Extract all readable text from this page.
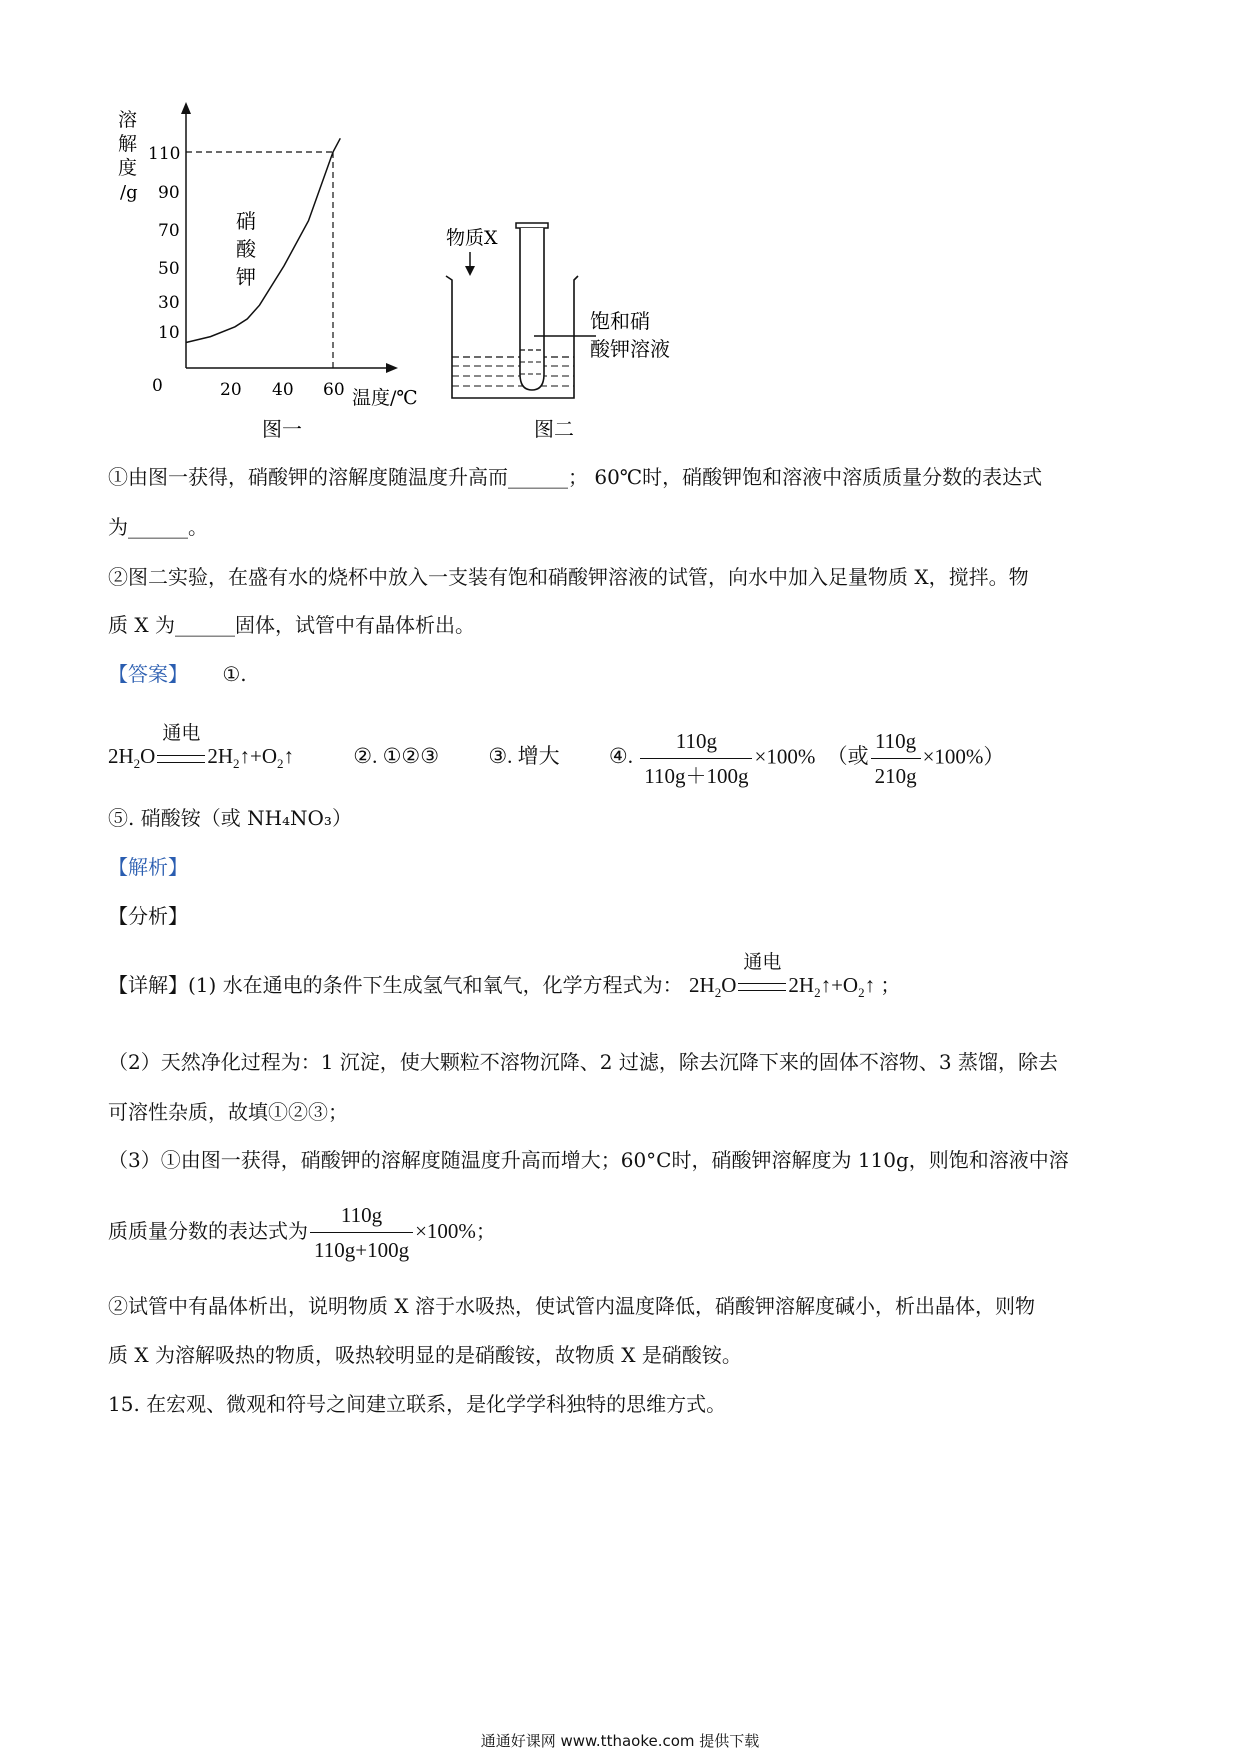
溶
解
度
/g
110
90
70
50
30
10
0	20 40 60 温度/℃
硝
酸
钾
图一
物质X
饱和硝
酸钾溶液
图二
①由图一获得，硝酸钾的溶解度随温度升高而______； 60℃时，硝酸钾饱和溶液中溶质质量分数的表达式
为______。
②图二实验，在盛有水的烧杯中放入一支装有饱和硝酸钾溶液的试管，向水中加入足量物质 X，搅拌。物
质 X 为______固体，试管中有晶体析出。
【答案】 ①.
$2H_2O$
通电
$2H_2↑+O_2↑$	②. ①②③ ③. 增大 ④. $\frac{110g}{110g+100g} \times 100\%$ （或 $\frac{110g}{210g} \times 100\%$）
⑤. 硝酸铵（或 NH₄NO₃）
【解析】
【分析】
【详解】(1) 水在通电的条件下生成氢气和氧气，化学方程式为： $2H_2O$
通电
$2H_2↑+O_2↑$ ；
（2）天然净化过程为：1 沉淀，使大颗粒不溶物沉降、2 过滤，除去沉降下来的固体不溶物、3 蒸馏，除去
可溶性杂质，故填①②③；
（3）①由图一获得，硝酸钾的溶解度随温度升高而增大；60°C时，硝酸钾溶解度为 110g，则饱和溶液中溶
质质量分数的表达式为 $\frac{110g}{110g+100g} \times 100\%$；
②试管中有晶体析出，说明物质 X 溶于水吸热，使试管内温度降低，硝酸钾溶解度碱小，析出晶体，则物
质 X 为溶解吸热的物质，吸热较明显的是硝酸铵，故物质 X 是硝酸铵。
15. 在宏观、微观和符号之间建立联系，是化学学科独特的思维方式。
通通好课网 www.tthaoke.com 提供下载
